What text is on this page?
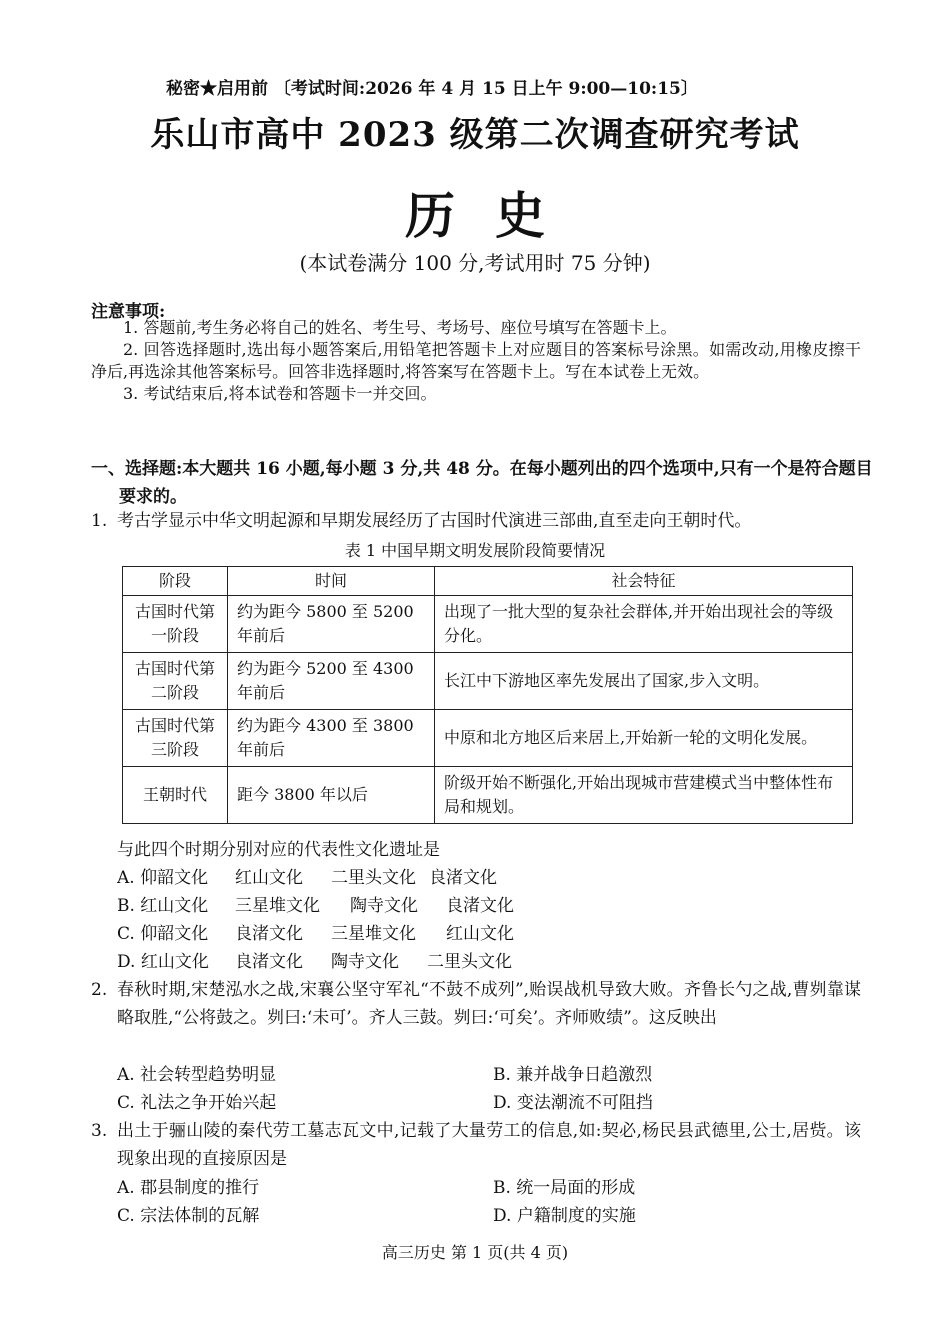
秘密★启用前 〔考试时间:2026 年 4 月 15 日上午 9:00—10:15〕
乐山市高中 2023 级第二次调查研究考试
历史
(本试卷满分 100 分,考试用时 75 分钟)
注意事项:

1. 答题前,考生务必将自己的姓名、考生号、考场号、座位号填写在答题卡上。

2. 回答选择题时,选出每小题答案后,用铅笔把答题卡上对应题目的答案标号涂黑。如需改动,用橡皮擦干净后,再选涂其他答案标号。回答非选择题时,将答案写在答题卡上。写在本试卷上无效。

3. 考试结束后,将本试卷和答题卡一并交回。

一、选择题:本大题共 16 小题,每小题 3 分,共 48 分。在每小题列出的四个选项中,只有一个是符合题目要求的。
1. 考古学显示中华文明起源和早期发展经历了古国时代演进三部曲,直至走向王朝时代。
表 1 中国早期文明发展阶段简要情况
阶段	时间	社会特征
古国时代第一阶段	约为距今 5800 至 5200 年前后	出现了一批大型的复杂社会群体,并开始出现社会的等级分化。
古国时代第二阶段	约为距今 5200 至 4300 年前后	长江中下游地区率先发展出了国家,步入文明。
古国时代第三阶段	约为距今 4300 至 3800 年前后	中原和北方地区后来居上,开始新一轮的文明化发展。
王朝时代	距今 3800 年以后	阶级开始不断强化,开始出现城市营建模式当中整体性布局和规划。
与此四个时期分别对应的代表性文化遗址是
A. 仰韶文化 红山文化 二里头文化 良渚文化
B. 红山文化 三星堆文化 陶寺文化 良渚文化
C. 仰韶文化 良渚文化 三星堆文化 红山文化
D. 红山文化 良渚文化 陶寺文化 二里头文化
2. 春秋时期,宋楚泓水之战,宋襄公坚守军礼“不鼓不成列”,贻误战机导致大败。齐鲁长勺之战,曹刿靠谋略取胜,“公将鼓之。刿曰:‘未可’。齐人三鼓。刿曰:‘可矣’。齐师败绩”。这反映出
A. 社会转型趋势明显	B. 兼并战争日趋激烈
C. 礼法之争开始兴起	D. 变法潮流不可阻挡
3. 出土于骊山陵的秦代劳工墓志瓦文中,记载了大量劳工的信息,如:契必,杨民县武德里,公士,居赀。该现象出现的直接原因是
A. 郡县制度的推行	B. 统一局面的形成
C. 宗法体制的瓦解	D. 户籍制度的实施
高三历史 第 1 页(共 4 页)
